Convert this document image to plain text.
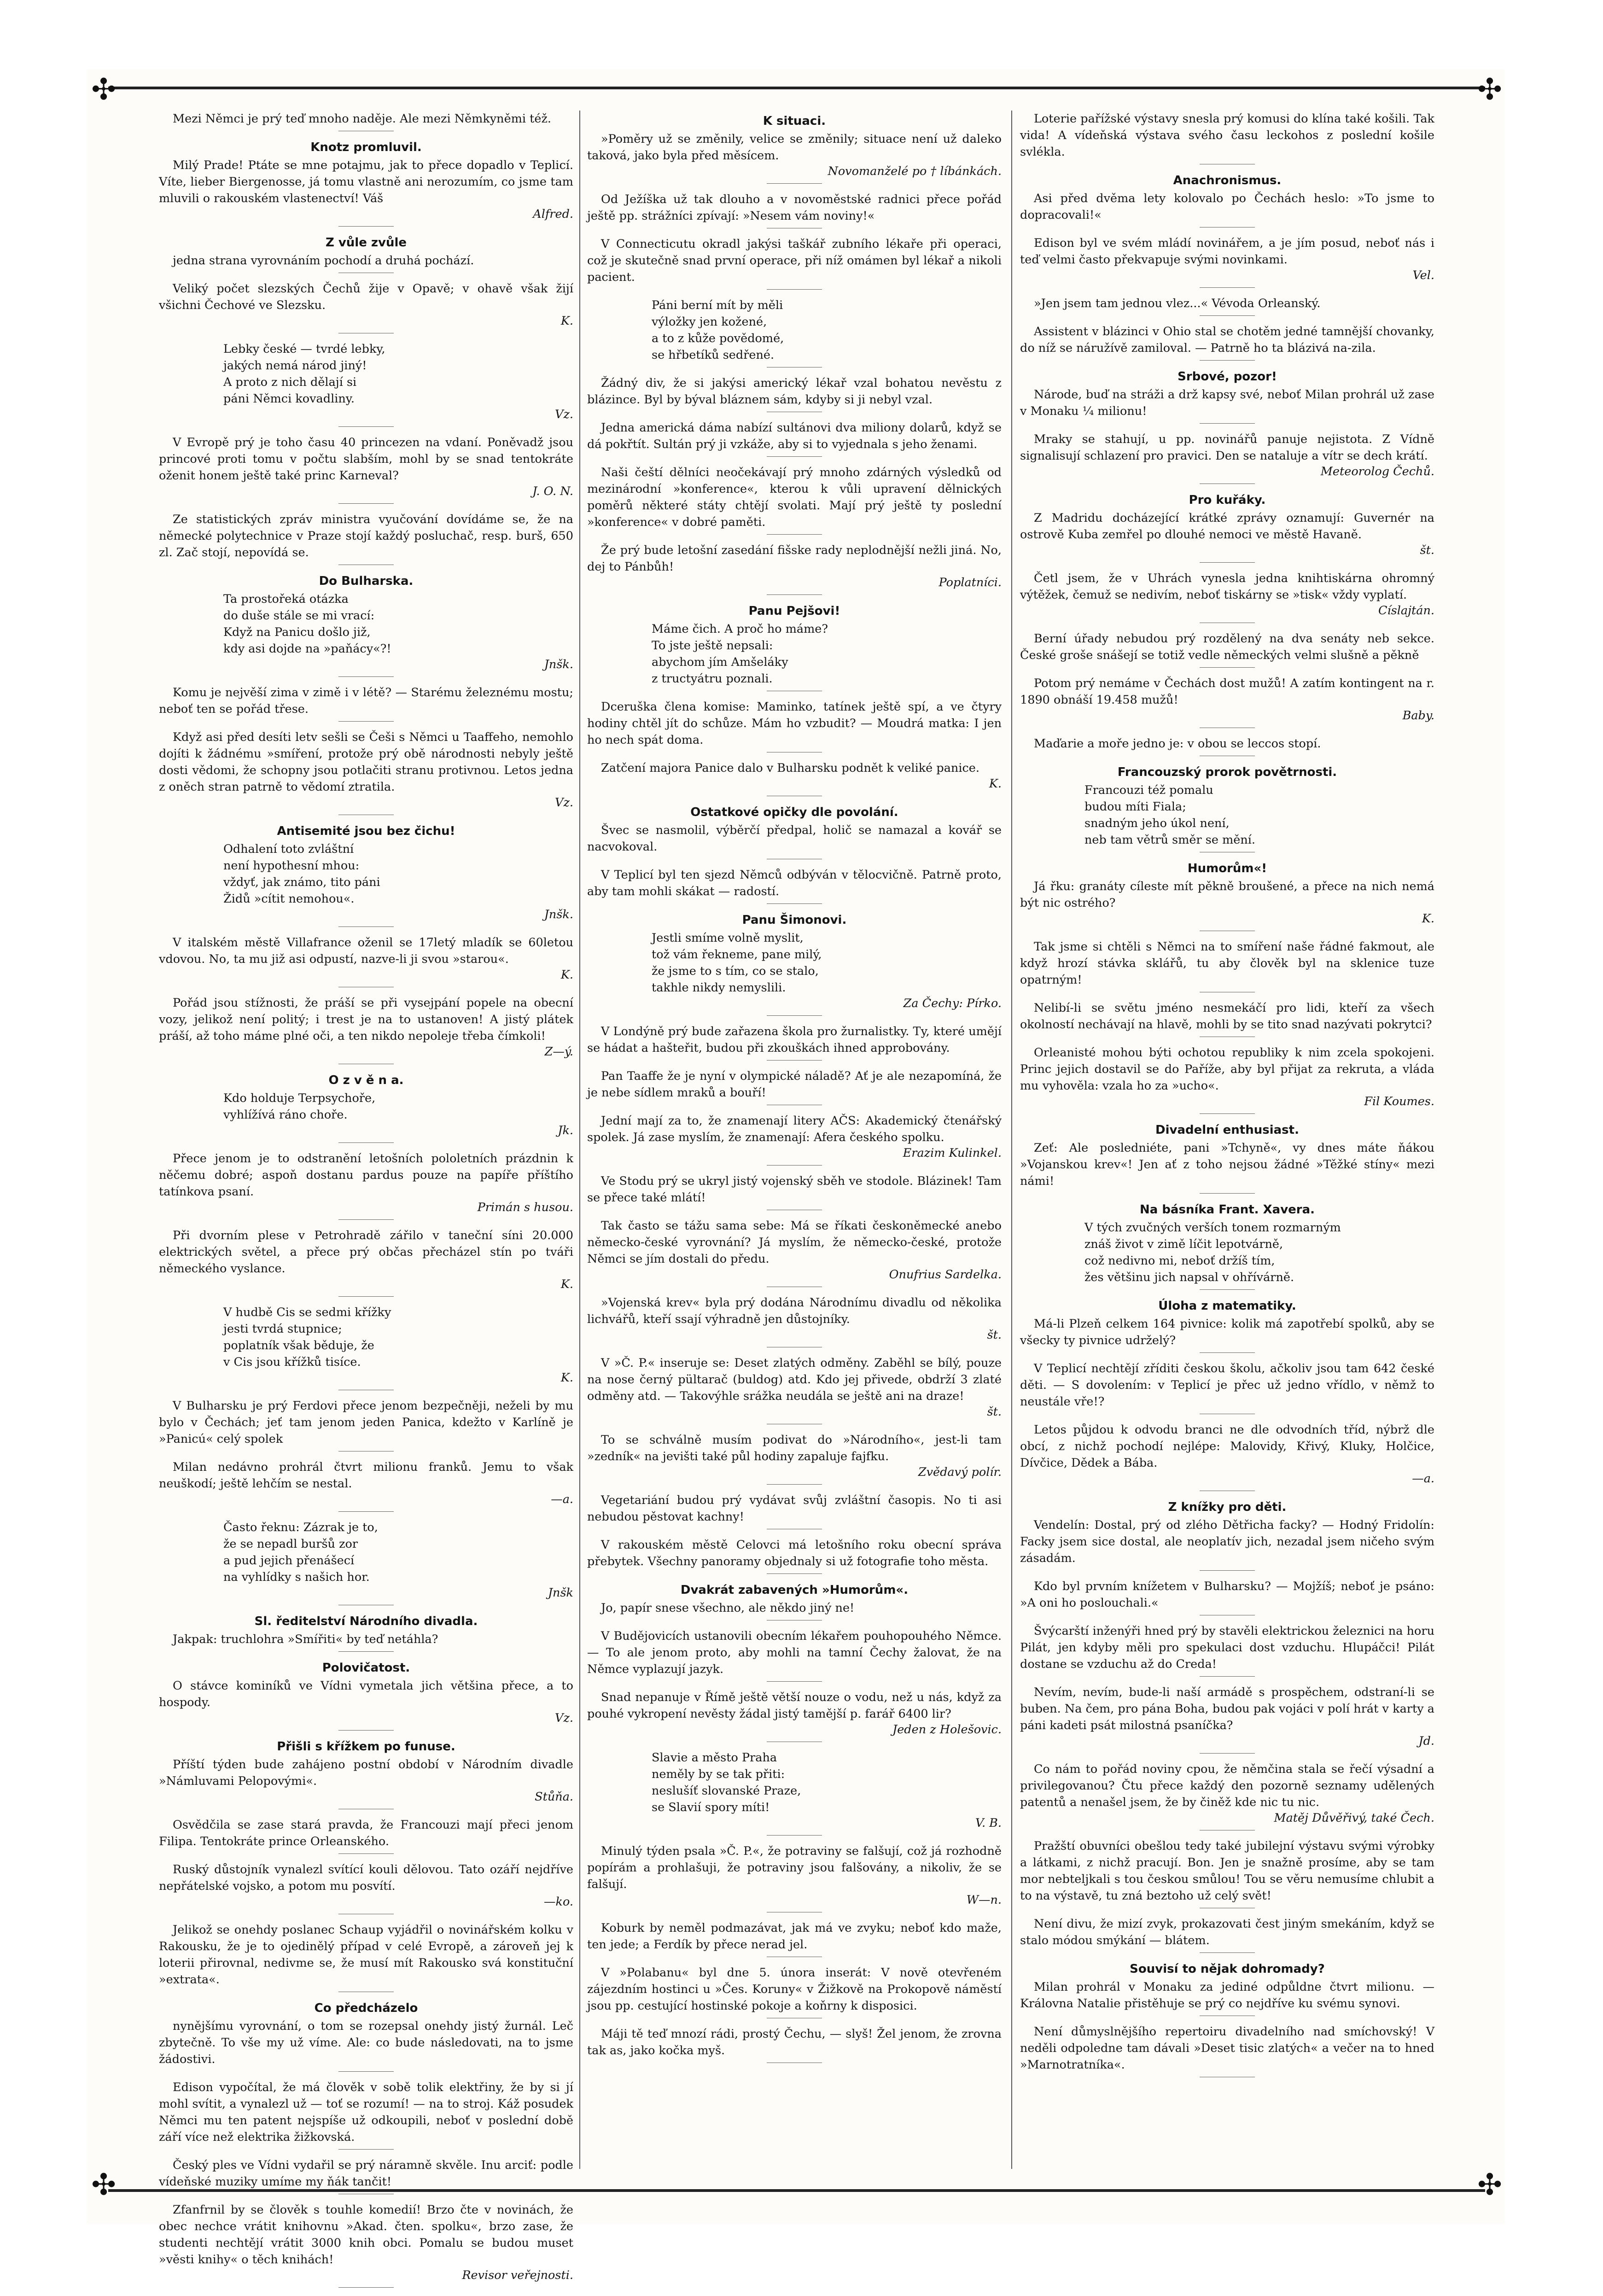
✣	✣
✣	✣

Mezi Němci je prý teď mnoho naděje. Ale mezi Němkyněmi též.

Knotz promluvil.

Milý Prade! Ptáte se mne potajmu, jak to přece dopadlo v Teplicí. Víte, lieber Biergenosse, já tomu vlastně ani nerozumím, co jsme tam mluvili o rakouském vlastenectví! Váš

Alfred.
Z vůle zvůle

jedna strana vyrovnáním pochodí a druhá pochází.

Veliký počet slezských Čechů žije v Opavě; v ohavě však žijí všichni Čechové ve Slezsku.

K.

Lebky české — tvrdé lebky,

jakých nemá národ jiný!

A proto z nich dělají si

páni Němci kovadliny.

Vz.

V Evropě prý je toho času 40 princezen na vdaní. Poněvadž jsou princové proti tomu v počtu slabším, mohl by se snad tentokráte oženit honem ještě také princ Karneval?

J. O. N.

Ze statistických zpráv ministra vyučování dovídáme se, že na německé polytechnice v Praze stojí každý posluchač, resp. burš, 650 zl. Zač stojí, nepovídá se.

Do Bulharska.

Ta prostořeká otázka

do duše stále se mi vrací:

Když na Panicu došlo již,

kdy asi dojde na »paňácy«?!

Jnšk.

Komu je nejvěší zima v zimě i v létě? — Starému železnému mostu; neboť ten se pořád třese.

Když asi před desíti letv sešli se Češi s Němci u Taaffeho, nemohlo dojíti k žádnému »smíření, protože prý obě národnosti nebyly ještě dosti vědomi, že schopny jsou potlačiti stranu protivnou. Letos jedna z oněch stran patrně to vědomí ztratila.

Vz.
Antisemité jsou bez čichu!

Odhalení toto zvláštní

není hypothesní mhou:

vždyť, jak známo, tito páni

Židů »cítit nemohou«.

Jnšk.

V italském městě Villafrance oženil se 17letý mladík se 60letou vdovou. No, ta mu již asi odpustí, nazve-li ji svou »starou«.

K.

Pořád jsou stížnosti, že práší se při vysejpání popele na obecní vozy, jelikož není politý; i trest je na to ustanoven! A jistý plátek práší, až toho máme plné oči, a ten nikdo nepoleje třeba čímkoli!

Z—ý.
O z v ě n a.

Kdo holduje Terpsychoře,

vyhlížívá ráno choře.

Jk.

Přece jenom je to odstranění letošních pololetních prázdnin k něčemu dobré; aspoň dostanu pardus pouze na papíře příštího tatínkova psaní.

Primán s husou.

Při dvorním plese v Petrohradě zářilo v taneční síni 20.000 elektrických světel, a přece prý občas přecházel stín po tváři německého vyslance.

K.

V hudbě Cis se sedmi křížky

jesti tvrdá stupnice;

poplatník však běduje, že

v Cis jsou křížků tisíce.

K.

V Bulharsku je prý Ferdovi přece jenom bezpečněji, neželi by mu bylo v Čechách; jeť tam jenom jeden Panica, kdežto v Karlíně je »Panicú« celý spolek

Milan nedávno prohrál čtvrt milionu franků. Jemu to však neuškodí; ještě lehčím se nestal.

—a.

Často řeknu: Zázrak je to,

že se nepadl buršů zor

a pud jejich přenášecí

na vyhlídky s našich hor.

Jnšk
Sl. ředitelství Národního divadla.

Jakpak: truchlohra »Smířiti« by teď netáhla?

Polovičatost.

O stávce kominíků ve Vídni vymetala jich většina přece, a to hospody.

Vz.
Přišli s křížkem po funuse.

Příští týden bude zahájeno postní období v Národním divadle »Námluvami Pelopovými«.

Stůňa.

Osvědčila se zase stará pravda, že Francouzi mají přeci jenom Filipa. Tentokráte prince Orleanského.

Ruský důstojník vynalezl svítící kouli dělovou. Tato ozáří nejdříve nepřátelské vojsko, a potom mu posvítí.

—ko.

Jelikož se onehdy poslanec Schaup vyjádřil o novinářském kolku v Rakousku, že je to ojedinělý případ v celé Evropě, a zároveň jej k loterii přirovnal, nedivme se, že musí mít Rakousko svá konstituční »extrata«.

Co předcházelo

nynějšímu vyrovnání, o tom se rozepsal onehdy jistý žurnál. Leč zbytečně. To vše my už víme. Ale: co bude následovati, na to jsme žádostivi.

Edison vypočítal, že má člověk v sobě tolik elektřiny, že by si jí mohl svítit, a vynalezl už — toť se rozumí! — na to stroj. Káž posudek Němci mu ten patent nejspíše už odkoupili, neboť v poslední době září více než elektrika žižkovská.

Český ples ve Vídni vydařil se prý náramně skvěle. Inu arciť: podle vídeňské muziky umíme my ňák tančit!

Zfanfrnil by se člověk s touhle komedií! Brzo čte v novinách, že obec nechce vrátit knihovnu »Akad. čten. spolku«, brzo zase, že studenti nechtějí vrátit 3000 knih obci. Pomalu se budou muset »věsti knihy« o těch knihách!

Revisor veřejnosti.
K situaci.

»Poměry už se změnily, velice se změnily; situace není už daleko taková, jako byla před měsícem.

Novomanželé po † líbánkách.

Od Ježíška už tak dlouho a v novoměstské radnici přece pořád ještě pp. strážníci zpívají: »Nesem vám noviny!«

V Connecticutu okradl jakýsi taškář zubního lékaře při operaci, což je skutečně snad první operace, při níž omámen byl lékař a nikoli pacient.

Páni berní mít by měli

výložky jen kožené,

a to z kůže povědomé,

se hřbetíků sedřené.

Žádný div, že si jakýsi americký lékař vzal bohatou nevěstu z blázince. Byl by býval bláznem sám, kdyby si ji nebyl vzal.

Jedna americká dáma nabízí sultánovi dva miliony dolarů, když se dá pokřtít. Sultán prý ji vzkáže, aby si to vyjednala s jeho ženami.

Naši čeští dělníci neočekávají prý mnoho zdárných výsledků od mezinárodní »konference«, kterou k vůli upravení dělnických poměrů některé státy chtějí svolati. Mají prý ještě ty poslední »konference« v dobré paměti.

Že prý bude letošní zasedání fišske rady neplodnější nežli jiná. No, dej to Pánbůh!

Poplatníci.
Panu Pejšovi!

Máme čich. A proč ho máme?

To jste ještě nepsali:

abychom jím Amšeláky

z tructyátru poznali.

Dceruška člena komise: Maminko, tatínek ještě spí, a ve čtyry hodiny chtěl jít do schůze. Mám ho vzbudit? — Moudrá matka: I jen ho nech spát doma.

Zatčení majora Panice dalo v Bulharsku podnět k veliké panice.

K.
Ostatkové opičky dle povolání.

Švec se nasmolil, výběrčí předpal, holič se namazal a kovář se nacvokoval.

V Teplicí byl ten sjezd Němců odbýván v tělocvičně. Patrně proto, aby tam mohli skákat — radostí.

Panu Šimonovi.

Jestli smíme volně myslit,

tož vám řekneme, pane milý,

že jsme to s tím, co se stalo,

takhle nikdy nemyslili.

Za Čechy: Pírko.

V Londýně prý bude zařazena škola pro žurnalistky. Ty, které umějí se hádat a hašteřit, budou při zkouškách ihned approbovány.

Pan Taaffe že je nyní v olympické náladě? Ať je ale nezapomíná, že je nebe sídlem mraků a bouří!

Jední mají za to, že znamenají litery AČS: Akademický čtenářský spolek. Já zase myslím, že znamenají: Afera českého spolku.

Erazim Kulinkel.

Ve Stodu prý se ukryl jistý vojenský sběh ve stodole. Blázinek! Tam se přece také mlátí!

Tak často se tážu sama sebe: Má se říkati českoněmecké anebo německo-české vyrovnání? Já myslím, že německo-české, protože Němci se jím dostali do předu.

Onufrius Sardelka.

»Vojenská krev« byla prý dodána Národnímu divadlu od několika lichvářů, kteří ssají výhradně jen důstojníky.

št.

V »Č. P.« inseruje se: Deset zlatých odměny. Zaběhl se bílý, pouze na nose černý pültarač (buldog) atd. Kdo jej přivede, obdrží 3 zlaté odměny atd. — Takovýhle srážka neudála se ještě ani na draze!

št.

To se schválně musím podivat do »Národního«, jest-li tam »zedník« na jevišti také půl hodiny zapaluje fajfku.

Zvědavý polír.

Vegetariání budou prý vydávat svůj zvláštní časopis. No ti asi nebudou pěstovat kachny!

V rakouském městě Celovci má letošního roku obecní správa přebytek. Všechny panoramy objednaly si už fotografie toho města.

Dvakrát zabavených »Humorům«.

Jo, papír snese všechno, ale někdo jiný ne!

V Budějovicích ustanovili obecním lékařem pouhopouhého Němce. — To ale jenom proto, aby mohli na tamní Čechy žalovat, že na Němce vyplazují jazyk.

Snad nepanuje v Římě ještě větší nouze o vodu, než u nás, když za pouhé vykropení nevěsty žádal jistý tamější p. farář 6400 lir?

Jeden z Holešovic.

Slavie a město Praha

neměly by se tak přiti:

neslušíť slovanské Praze,

se Slavií spory míti!

V. B.

Minulý týden psala »Č. P.«, že potraviny se falšují, což já rozhodně popírám a prohlašuji, že potraviny jsou falšovány, a nikoliv, že se falšují.

W—n.

Koburk by neměl podmazávat, jak má ve zvyku; neboť kdo maže, ten jede; a Ferdík by přece nerad jel.

V »Polabanu« byl dne 5. února inserát: V nově otevřeném zájezdním hostinci u »Čes. Koruny« v Žižkově na Prokopově náměstí jsou pp. cestující hostinské pokoje a koňrny k disposici.

Máji tě teď mnozí rádi, prostý Čechu, — slyš! Žel jenom, že zrovna tak as, jako kočka myš.

Loterie pařížské výstavy snesla prý komusi do klína také košili. Tak vida! A vídeňská výstava svého času leckohos z poslední košile svlékla.

Anachronismus.

Asi před dvěma lety kolovalo po Čechách heslo: »To jsme to dopracovali!«

Edison byl ve svém mládí novinářem, a je jím posud, neboť nás i teď velmi často překvapuje svými novinkami.

Vel.

»Jen jsem tam jednou vlez...« Vévoda Orleanský.

Assistent v blázinci v Ohio stal se chotěm jedné tamnější chovanky, do níž se náružívě zamiloval. — Patrně ho ta blázivá na-zila.

Srbové, pozor!

Národe, buď na stráži a drž kapsy své, neboť Milan prohrál už zase v Monaku ¼ milionu!

Mraky se stahují, u pp. novinářů panuje nejistota. Z Vídně signalisují schlazení pro pravici. Den se nataluje a vítr se dech krátí.

Meteorolog Čechů.
Pro kuřáky.

Z Madridu docházející krátké zprávy oznamují: Guvernér na ostrově Kuba zemřel po dlouhé nemoci ve městě Havaně.

št.

Četl jsem, že v Uhrách vynesla jedna knihtiskárna ohromný výtěžek, čemuž se nedivím, neboť tiskárny se »tisk« vždy vyplatí.

Císlajtán.

Berní úřady nebudou prý rozdělený na dva senáty neb sekce. České groše snášejí se totiž vedle německých velmi slušně a pěkně

Potom prý nemáme v Čechách dost mužů! A zatím kontingent na r. 1890 obnáší 19.458 mužů!

Baby.

Maďarie a moře jedno je: v obou se leccos stopí.

Francouzský prorok povětrnosti.

Francouzi též pomalu

budou míti Fiala;

snadným jeho úkol není,

neb tam větrů směr se mění.

Humorům«!

Já řku: granáty cíleste mít pěkně broušené, a přece na nich nemá být nic ostrého?

K.

Tak jsme si chtěli s Němci na to smíření naše řádné fakmout, ale když hrozí stávka sklářů, tu aby člověk byl na sklenice tuze opatrným!

Nelibí-li se světu jméno nesmekáčí pro lidi, kteří za všech okolností nechávají na hlavě, mohli by se tito snad nazývati pokrytci?

Orleanisté mohou býti ochotou republiky k nim zcela spokojeni. Princ jejich dostavil se do Paříže, aby byl přijat za rekruta, a vláda mu vyhověla: vzala ho za »ucho«.

Fil Koumes.
Divadelní enthusiast.

Zeť: Ale posledniéte, pani »Tchyně«, vy dnes máte ňákou »Vojanskou krev«! Jen ať z toho nejsou žádné »Těžké stíny« mezi námi!

Na básníka Frant. Xavera.

V tých zvučných verších tonem rozmarným

znáš život v zimě líčit lepotvárně,

což nedivno mi, neboť držíš tím,

žes většinu jich napsal v ohřívárně.

Úloha z matematiky.

Má-li Plzeň celkem 164 pivnice: kolik má zapotřebí spolků, aby se všecky ty pivnice udrželý?

V Teplicí nechtějí zříditi českou školu, ačkoliv jsou tam 642 české děti. — S dovolením: v Teplicí je přec už jedno vřídlo, v němž to neustále vře!?

Letos půjdou k odvodu branci ne dle odvodních tříd, nýbrž dle obcí, z nichž pochodí nejlépe: Malovidy, Křivý, Kluky, Holčice, Dívčice, Dědek a Bába.

—a.
Z knížky pro děti.

Vendelín: Dostal, prý od zlého Dětřicha facky? — Hodný Fridolín: Facky jsem sice dostal, ale neoplatív jich, nezadal jsem ničeho svým zásadám.

Kdo byl prvním knížetem v Bulharsku? — Mojžíš; neboť je psáno: »A oni ho poslouchali.«

Švýcarští inženýři hned prý by stavěli elektrickou železnici na horu Pilát, jen kdyby měli pro spekulaci dost vzduchu. Hlupáčci! Pilát dostane se vzduchu až do Creda!

Nevím, nevím, bude-li naší armádě s prospěchem, odstraní-li se buben. Na čem, pro pána Boha, budou pak vojáci v polí hrát v karty a páni kadeti psát milostná psaníčka?

Jd.

Co nám to pořád noviny cpou, že němčina stala se řečí výsadní a privilegovanou? Čtu přece každý den pozorně seznamy udělených patentů a nenašel jsem, že by činěž kde nic tu nic.

Matěj Důvěřivý, také Čech.

Pražští obuvníci obešlou tedy také jubilejní výstavu svými výrobky a látkami, z nichž pracují. Bon. Jen je snažně prosíme, aby se tam mor nebteljkali s tou českou smůlou! Tou se věru nemusíme chlubit a to na výstavě, tu zná beztoho už celý svět!

Není divu, že mizí zvyk, prokazovati čest jiným smekáním, když se stalo módou smýkání — blátem.

Souvisí to nějak dohromady?

Milan prohrál v Monaku za jediné odpůldne čtvrt milionu. — Královna Natalie přistěhuje se prý co nejdříve ku svému synovi.

Není důmyslnějšího repertoiru divadelního nad smíchovský! V neděli odpoledne tam dávali »Deset tisic zlatých« a večer na to hned »Marnotratníka«.
